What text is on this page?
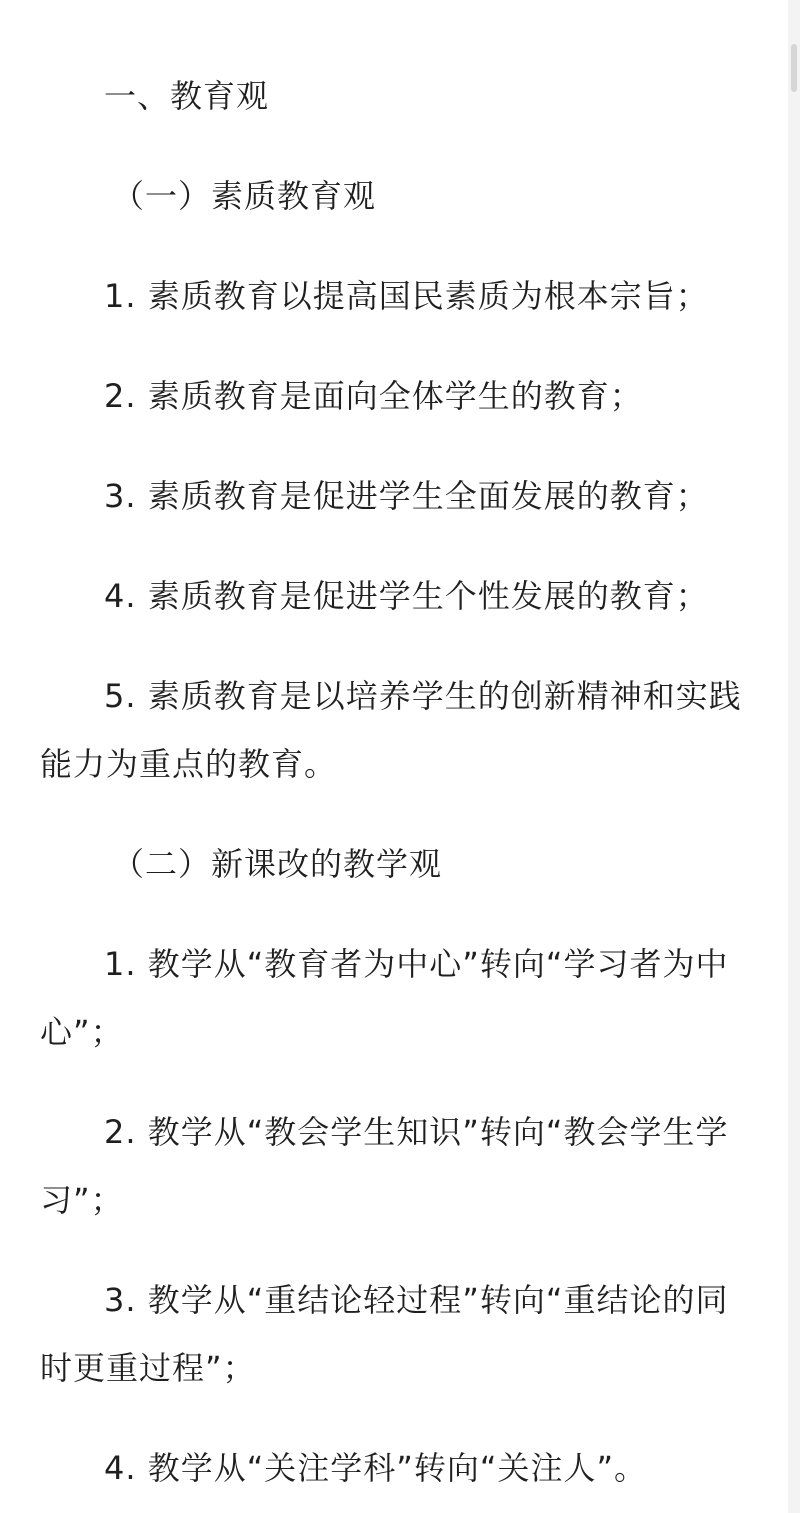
一、教育观

（一）素质教育观

1. 素质教育以提高国民素质为根本宗旨；

2. 素质教育是面向全体学生的教育；

3. 素质教育是促进学生全面发展的教育；

4. 素质教育是促进学生个性发展的教育；

5. 素质教育是以培养学生的创新精神和实践能力为重点的教育。

（二）新课改的教学观

1. 教学从“教育者为中心”转向“学习者为中心”；

2. 教学从“教会学生知识”转向“教会学生学习”；

3. 教学从“重结论轻过程”转向“重结论的同时更重过程”；

4. 教学从“关注学科”转向“关注人”。
